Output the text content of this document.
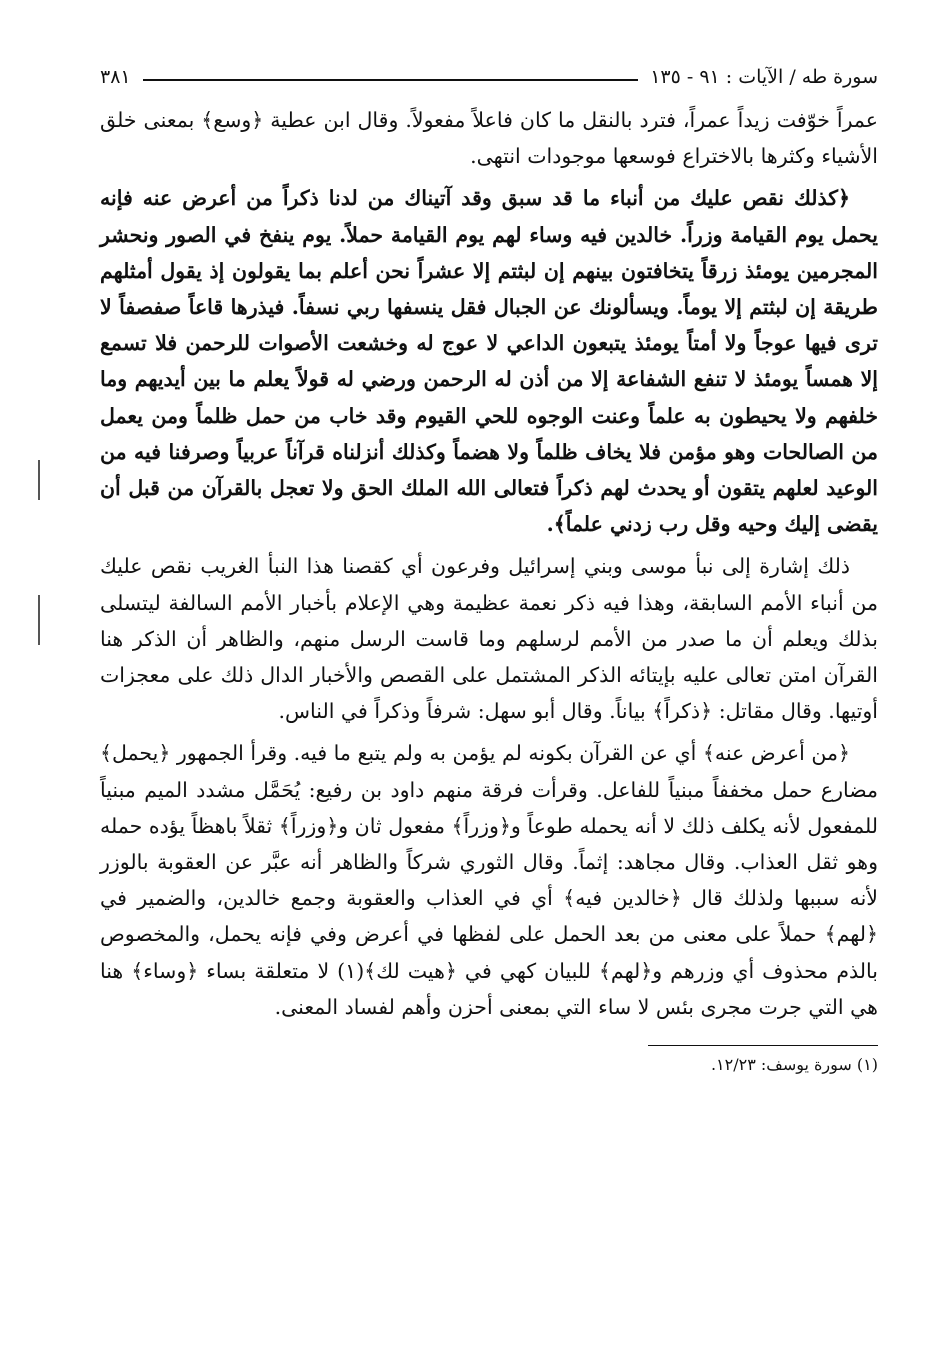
سورة طه / الآيات : ٩١ - ١٣٥
٣٨١

عمراً خوّفت زيداً عمراً، فترد بالنقل ما كان فاعلاً مفعولاً. وقال ابن عطية ﴿وسع﴾ بمعنى خلق الأشياء وكثرها بالاختراع فوسعها موجودات انتهى.

﴿كذلك نقص عليك من أنباء ما قد سبق وقد آتيناك من لدنا ذكراً من أعرض عنه فإنه يحمل يوم القيامة وزراً. خالدين فيه وساء لهم يوم القيامة حملاً. يوم ينفخ في الصور ونحشر المجرمين يومئذ زرقاً يتخافتون بينهم إن لبثتم إلا عشراً نحن أعلم بما يقولون إذ يقول أمثلهم طريقة إن لبثتم إلا يوماً. ويسألونك عن الجبال فقل ينسفها ربي نسفاً. فيذرها قاعاً صفصفاً لا ترى فيها عوجاً ولا أمتاً يومئذ يتبعون الداعي لا عوج له وخشعت الأصوات للرحمن فلا تسمع إلا همساً يومئذ لا تنفع الشفاعة إلا من أذن له الرحمن ورضي له قولاً يعلم ما بين أيديهم وما خلفهم ولا يحيطون به علماً وعنت الوجوه للحي القيوم وقد خاب من حمل ظلماً ومن يعمل من الصالحات وهو مؤمن فلا يخاف ظلماً ولا هضماً وكذلك أنزلناه قرآناً عربياً وصرفنا فيه من الوعيد لعلهم يتقون أو يحدث لهم ذكراً فتعالى الله الملك الحق ولا تعجل بالقرآن من قبل أن يقضى إليك وحيه وقل رب زدني علماً﴾.

ذلك إشارة إلى نبأ موسى وبني إسرائيل وفرعون أي كقصنا هذا النبأ الغريب نقص عليك من أنباء الأمم السابقة، وهذا فيه ذكر نعمة عظيمة وهي الإعلام بأخبار الأمم السالفة ليتسلى بذلك ويعلم أن ما صدر من الأمم لرسلهم وما قاست الرسل منهم، والظاهر أن الذكر هنا القرآن امتن تعالى عليه بإيتائه الذكر المشتمل على القصص والأخبار الدال ذلك على معجزات أوتيها. وقال مقاتل: ﴿ذكراً﴾ بياناً. وقال أبو سهل: شرفاً وذكراً في الناس.

﴿من أعرض عنه﴾ أي عن القرآن بكونه لم يؤمن به ولم يتبع ما فيه. وقرأ الجمهور ﴿يحمل﴾ مضارع حمل مخففاً مبنياً للفاعل. وقرأت فرقة منهم داود بن رفيع: يُحَمَّل مشدد الميم مبنياً للمفعول لأنه يكلف ذلك لا أنه يحمله طوعاً و﴿وزراً﴾ مفعول ثان و﴿وزراً﴾ ثقلاً باهظاً يؤده حمله وهو ثقل العذاب. وقال مجاهد: إثماً. وقال الثوري شركاً والظاهر أنه عبَّر عن العقوبة بالوزر لأنه سببها ولذلك قال ﴿خالدين فيه﴾ أي في العذاب والعقوبة وجمع خالدين، والضمير في ﴿لهم﴾ حملاً على معنى من بعد الحمل على لفظها في أعرض وفي فإنه يحمل، والمخصوص بالذم محذوف أي وزرهم و﴿لهم﴾ للبيان كهي في ﴿هيت لك﴾(١) لا متعلقة بساء ﴿وساء﴾ هنا هي التي جرت مجرى بئس لا ساء التي بمعنى أحزن وأهم لفساد المعنى.

(١) سورة يوسف: ١٢/٢٣.
